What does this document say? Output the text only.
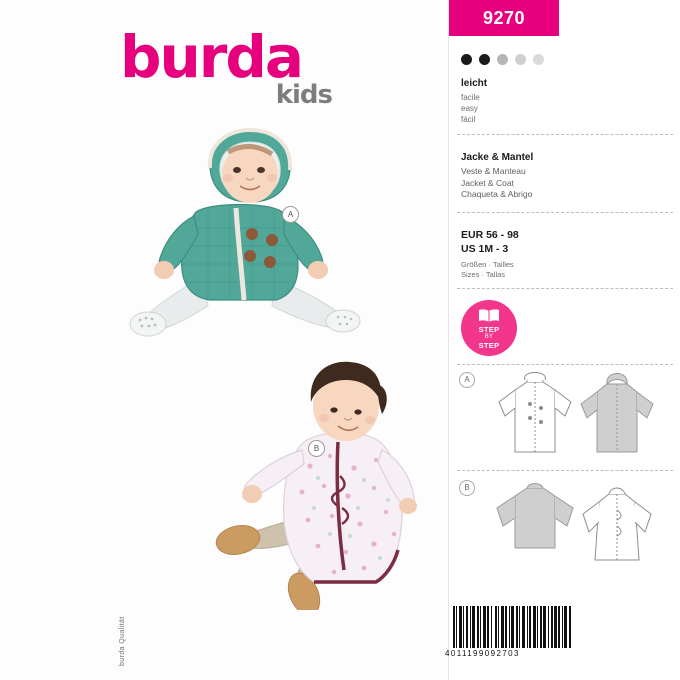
burda
kids
A
B
burda Qualität
9270
leicht
facile
easy
fácil
Jacke & Mantel
Veste & Manteau
Jacket & Coat
Chaqueta & Abrigo
EUR 56 - 98
US 1M - 3
Größen · Tailles
Sizes · Tallas
STEP
BY
STEP
A
B
4011199092703
